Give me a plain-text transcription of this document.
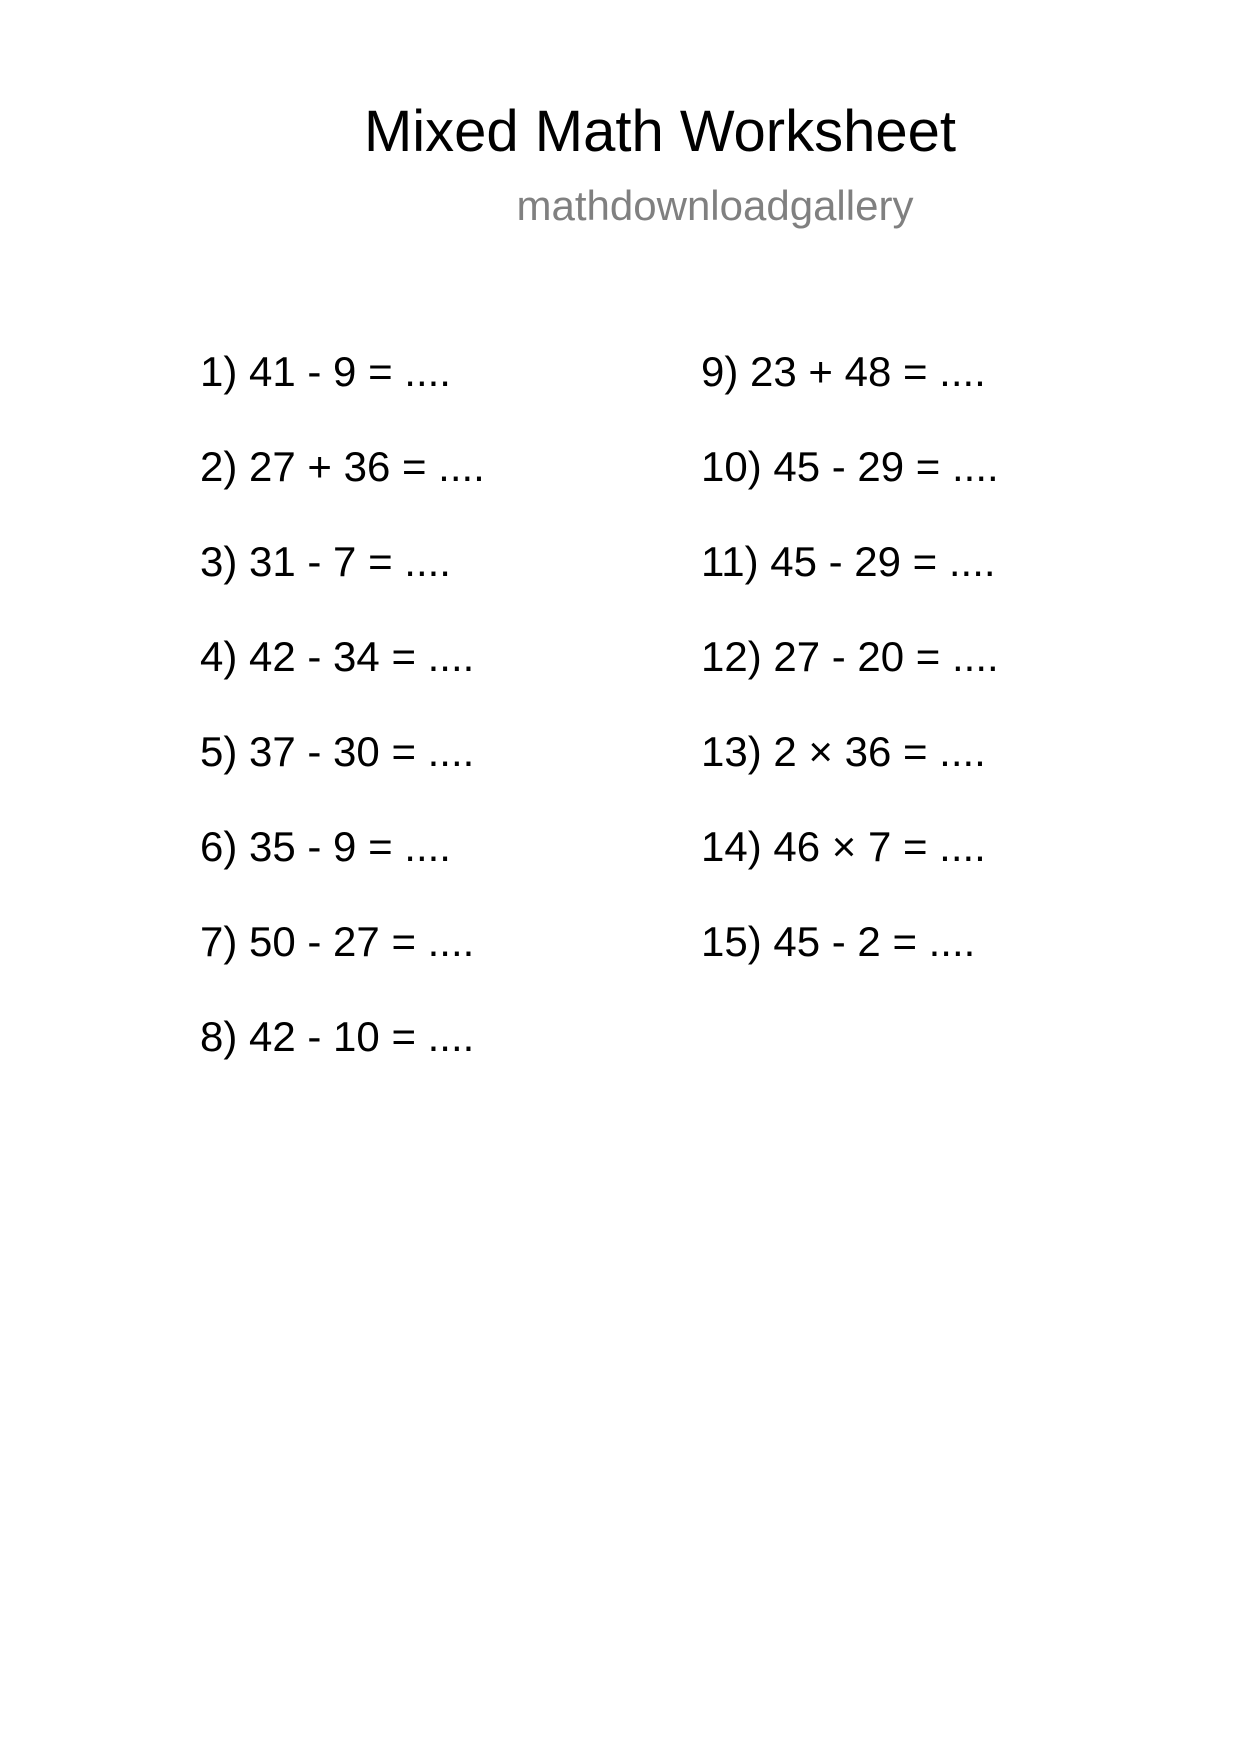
Mixed Math Worksheet
mathdownloadgallery
1) 41 - 9 = ....
2) 27 + 36 = ....
3) 31 - 7 = ....
4) 42 - 34 = ....
5) 37 - 30 = ....
6) 35 - 9 = ....
7) 50 - 27 = ....
8) 42 - 10 = ....
9) 23 + 48 = ....
10) 45 - 29 = ....
11) 45 - 29 = ....
12) 27 - 20 = ....
13) 2 × 36 = ....
14) 46 × 7 = ....
15) 45 - 2 = ....
